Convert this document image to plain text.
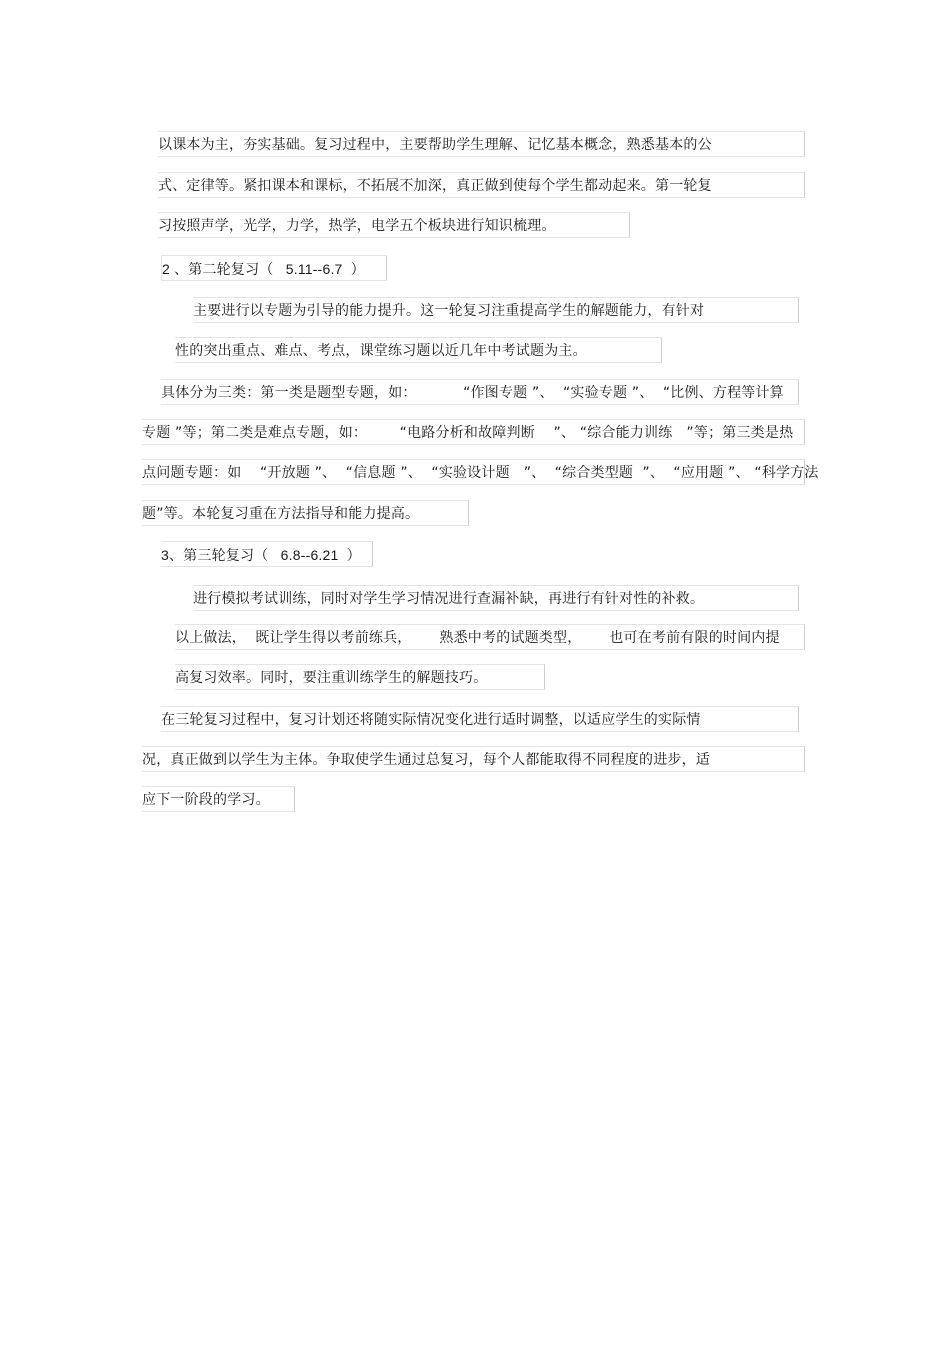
以课本为主，夯实基础。复习过程中，主要帮助学生理解、记忆基本概念，熟悉基本的公
式、定律等。紧扣课本和课标，不拓展不加深，真正做到使每个学生都动起来。第一轮复
习按照声学，光学，力学，热学，电学五个板块进行知识梳理。
2 、第二轮复习（   5.11--6.7  ）
主要进行以专题为引导的能力提升。这一轮复习注重提高学生的解题能力，有针对
性的突出重点、难点、考点，课堂练习题以近几年中考试题为主。
具体分为三类：第一类是题型专题，如：          “作图专题 ”、  “实验专题 ”、  “比例、方程等计算
专题 ”等；第二类是难点专题，如：       “电路分析和故障判断    ”、 “综合能力训练   ”等；第三类是热
点问题专题：如    “开放题 ”、  “信息题 ”、  “实验设计题   ”、  “综合类型题  ”、  “应用题 ”、 “科学方法
题”等。本轮复习重在方法指导和能力提高。
3、第三轮复习（   6.8--6.21  ）
进行模拟考试训练，同时对学生学习情况进行查漏补缺，再进行有针对性的补救。
以上做法，  既让学生得以考前练兵，      熟悉中考的试题类型，      也可在考前有限的时间内提
高复习效率。同时，要注重训练学生的解题技巧。
在三轮复习过程中，复习计划还将随实际情况变化进行适时调整，以适应学生的实际情
况，真正做到以学生为主体。争取使学生通过总复习，每个人都能取得不同程度的进步，适
应下一阶段的学习。
